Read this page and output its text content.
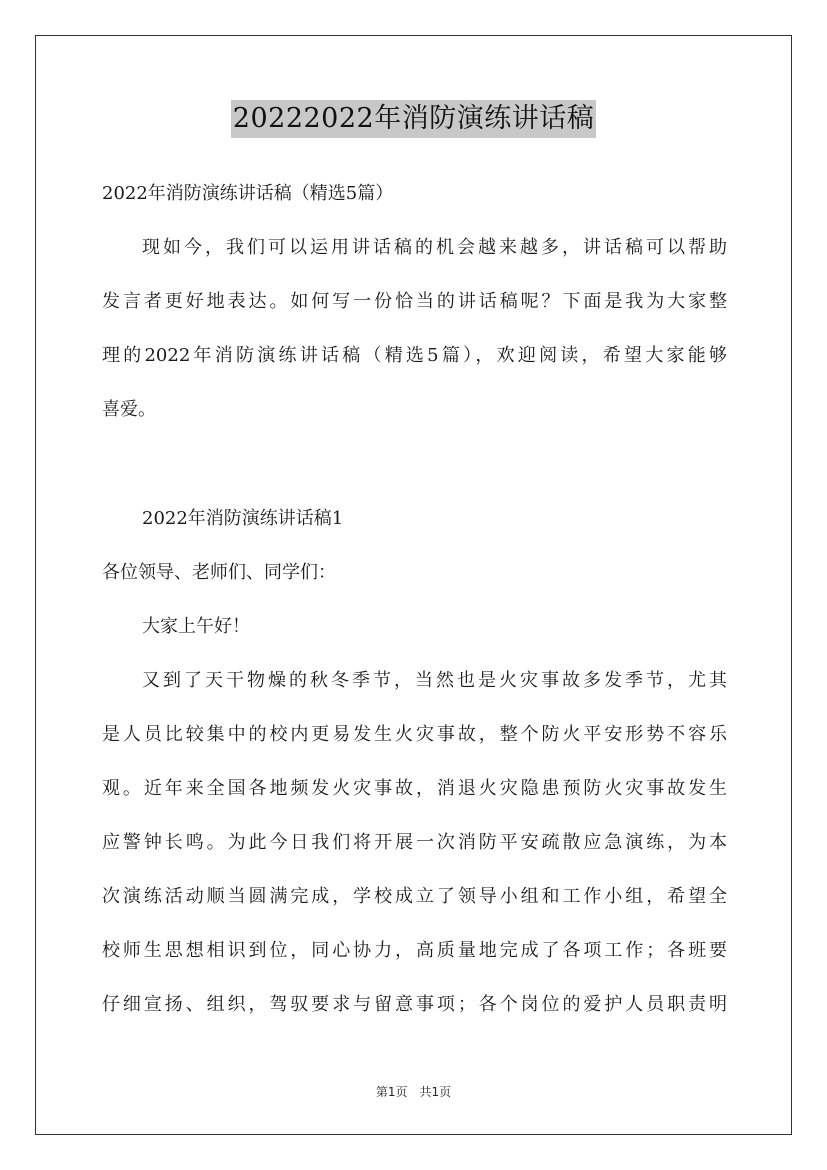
20222022年消防演练讲话稿
2022年消防演练讲话稿（精选5篇）
现如今，我们可以运用讲话稿的机会越来越多，讲话稿可以帮助
发言者更好地表达。如何写一份恰当的讲话稿呢？下面是我为大家整
理的2022年消防演练讲话稿（精选5篇），欢迎阅读，希望大家能够
喜爱。
2022年消防演练讲话稿1
各位领导、老师们、同学们：
大家上午好！
又到了天干物燥的秋冬季节，当然也是火灾事故多发季节，尤其
是人员比较集中的校内更易发生火灾事故，整个防火平安形势不容乐
观。近年来全国各地频发火灾事故，消退火灾隐患预防火灾事故发生
应警钟长鸣。为此今日我们将开展一次消防平安疏散应急演练，为本
次演练活动顺当圆满完成，学校成立了领导小组和工作小组，希望全
校师生思想相识到位，同心协力，高质量地完成了各项工作；各班要
仔细宣扬、组织，驾驭要求与留意事项；各个岗位的爱护人员职责明
第1页　共1页
